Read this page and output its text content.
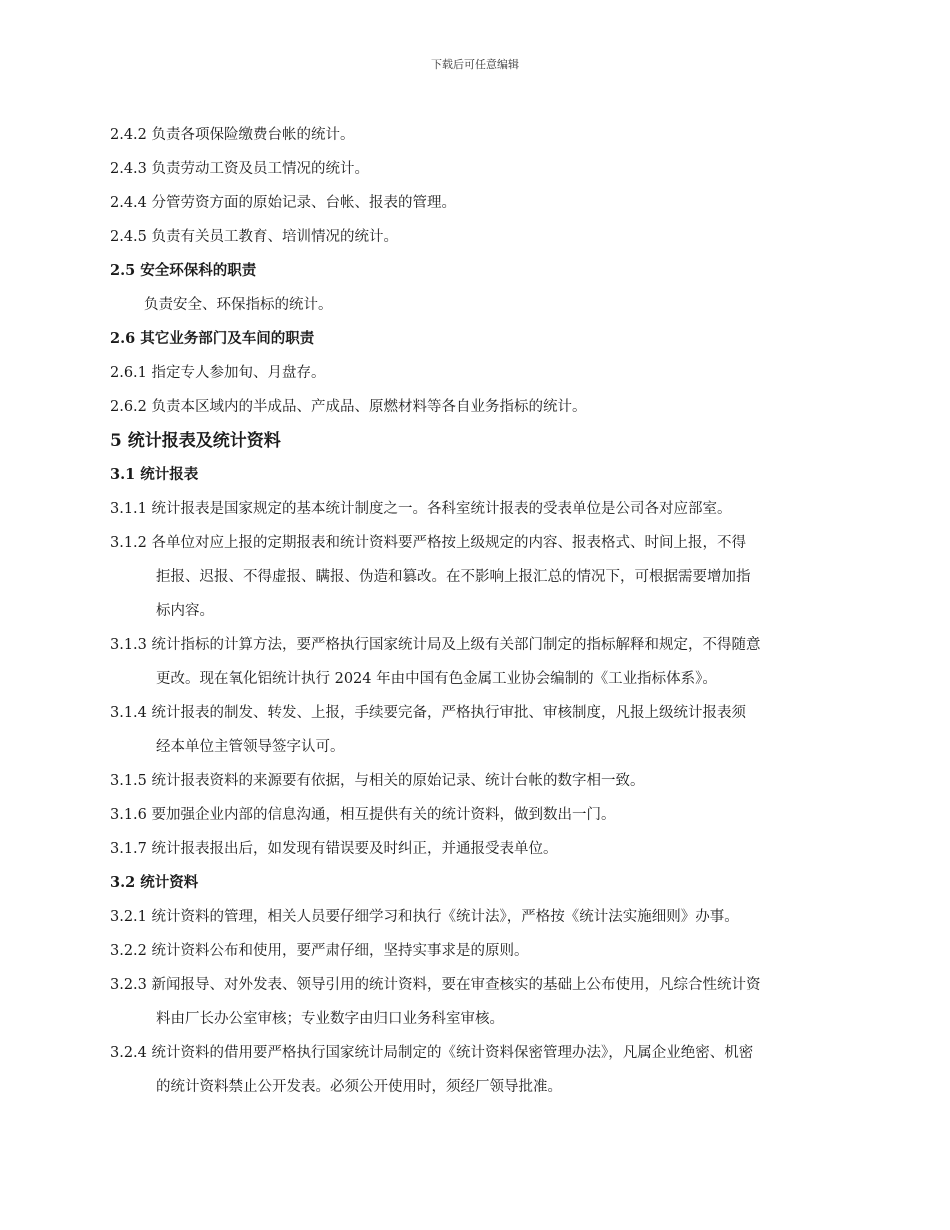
下载后可任意编辑

2.4.2 负责各项保险缴费台帐的统计。

2.4.3 负责劳动工资及员工情况的统计。

2.4.4 分管劳资方面的原始记录、台帐、报表的管理。

2.4.5 负责有关员工教育、培训情况的统计。

2.5 安全环保科的职责

负责安全、环保指标的统计。

2.6 其它业务部门及车间的职责

2.6.1 指定专人参加旬、月盘存。

2.6.2 负责本区域内的半成品、产成品、原燃材料等各自业务指标的统计。

5 统计报表及统计资料

3.1 统计报表

3.1.1 统计报表是国家规定的基本统计制度之一。各科室统计报表的受表单位是公司各对应部室。

3.1.2 各单位对应上报的定期报表和统计资料要严格按上级规定的内容、报表格式、时间上报，不得
拒报、迟报、不得虚报、瞒报、伪造和篡改。在不影响上报汇总的情况下，可根据需要增加指
标内容。
3.1.3 统计指标的计算方法，要严格执行国家统计局及上级有关部门制定的指标解释和规定，不得随意
更改。现在氧化铝统计执行 2024 年由中国有色金属工业协会编制的《工业指标体系》。
3.1.4 统计报表的制发、转发、上报，手续要完备，严格执行审批、审核制度，凡报上级统计报表须
经本单位主管领导签字认可。

3.1.5 统计报表资料的来源要有依据，与相关的原始记录、统计台帐的数字相一致。

3.1.6 要加强企业内部的信息沟通，相互提供有关的统计资料，做到数出一门。

3.1.7 统计报表报出后，如发现有错误要及时纠正，并通报受表单位。

3.2 统计资料

3.2.1 统计资料的管理，相关人员要仔细学习和执行《统计法》，严格按《统计法实施细则》办事。

3.2.2 统计资料公布和使用，要严肃仔细，坚持实事求是的原则。

3.2.3 新闻报导、对外发表、领导引用的统计资料，要在审查核实的基础上公布使用，凡综合性统计资
料由厂长办公室审核；专业数字由归口业务科室审核。
3.2.4 统计资料的借用要严格执行国家统计局制定的《统计资料保密管理办法》，凡属企业绝密、机密
的统计资料禁止公开发表。必须公开使用时，须经厂领导批准。
